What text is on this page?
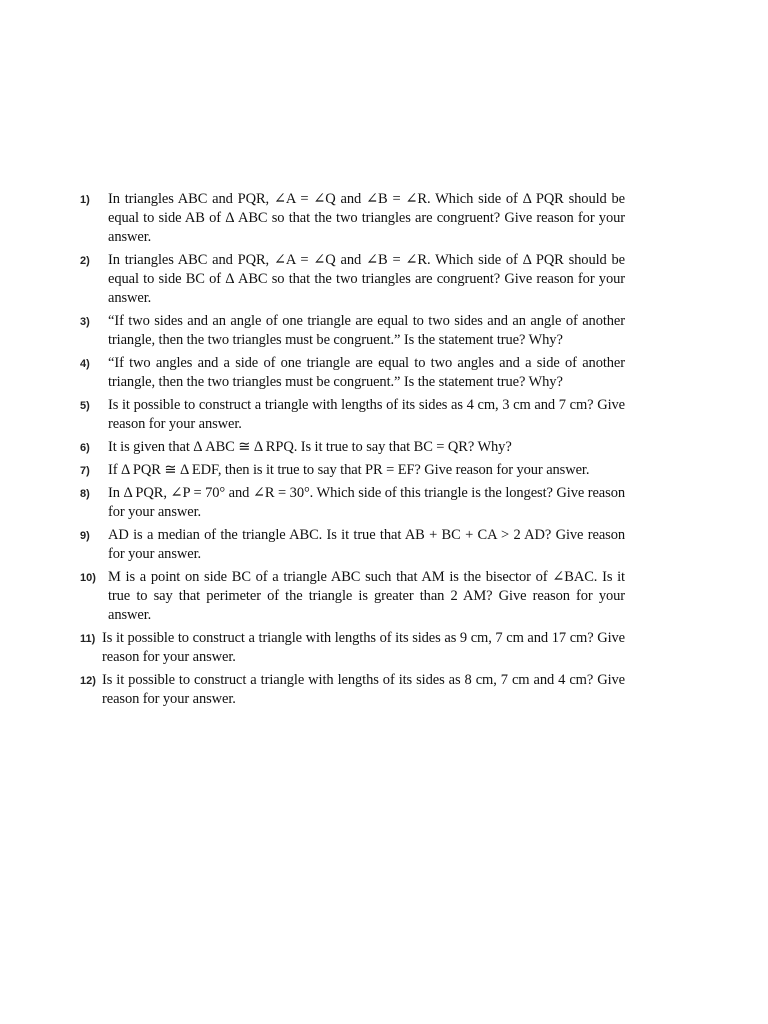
1)	In triangles ABC and PQR, ∠A = ∠Q and ∠B = ∠R. Which side of Δ PQR should be equal to side AB of Δ ABC so that the two triangles are congruent? Give reason for your answer.
2)	In triangles ABC and PQR, ∠A = ∠Q and ∠B = ∠R. Which side of Δ PQR should be equal to side BC of Δ ABC so that the two triangles are congruent? Give reason for your answer.
3)	“If two sides and an angle of one triangle are equal to two sides and an angle of another triangle, then the two triangles must be congruent.” Is the statement true? Why?
4)	“If two angles and a side of one triangle are equal to two angles and a side of another triangle, then the two triangles must be congruent.” Is the statement true? Why?
5)	Is it possible to construct a triangle with lengths of its sides as 4 cm, 3 cm and 7 cm? Give reason for your answer.
6)	It is given that Δ ABC ≅ Δ RPQ. Is it true to say that BC = QR? Why?
7)	If Δ PQR ≅ Δ EDF, then is it true to say that PR = EF? Give reason for your answer.
8)	In Δ PQR, ∠P = 70° and ∠R = 30°. Which side of this triangle is the longest? Give reason for your answer.
9)	AD is a median of the triangle ABC. Is it true that AB + BC + CA > 2 AD? Give reason for your answer.
10) M is a point on side BC of a triangle ABC such that AM is the bisector of ∠BAC. Is it true to say that perimeter of the triangle is greater than 2 AM? Give reason for your answer.
11) Is it possible to construct a triangle with lengths of its sides as 9 cm, 7 cm and 17 cm? Give reason for your answer.
12) Is it possible to construct a triangle with lengths of its sides as 8 cm, 7 cm and 4 cm? Give reason for your answer.
